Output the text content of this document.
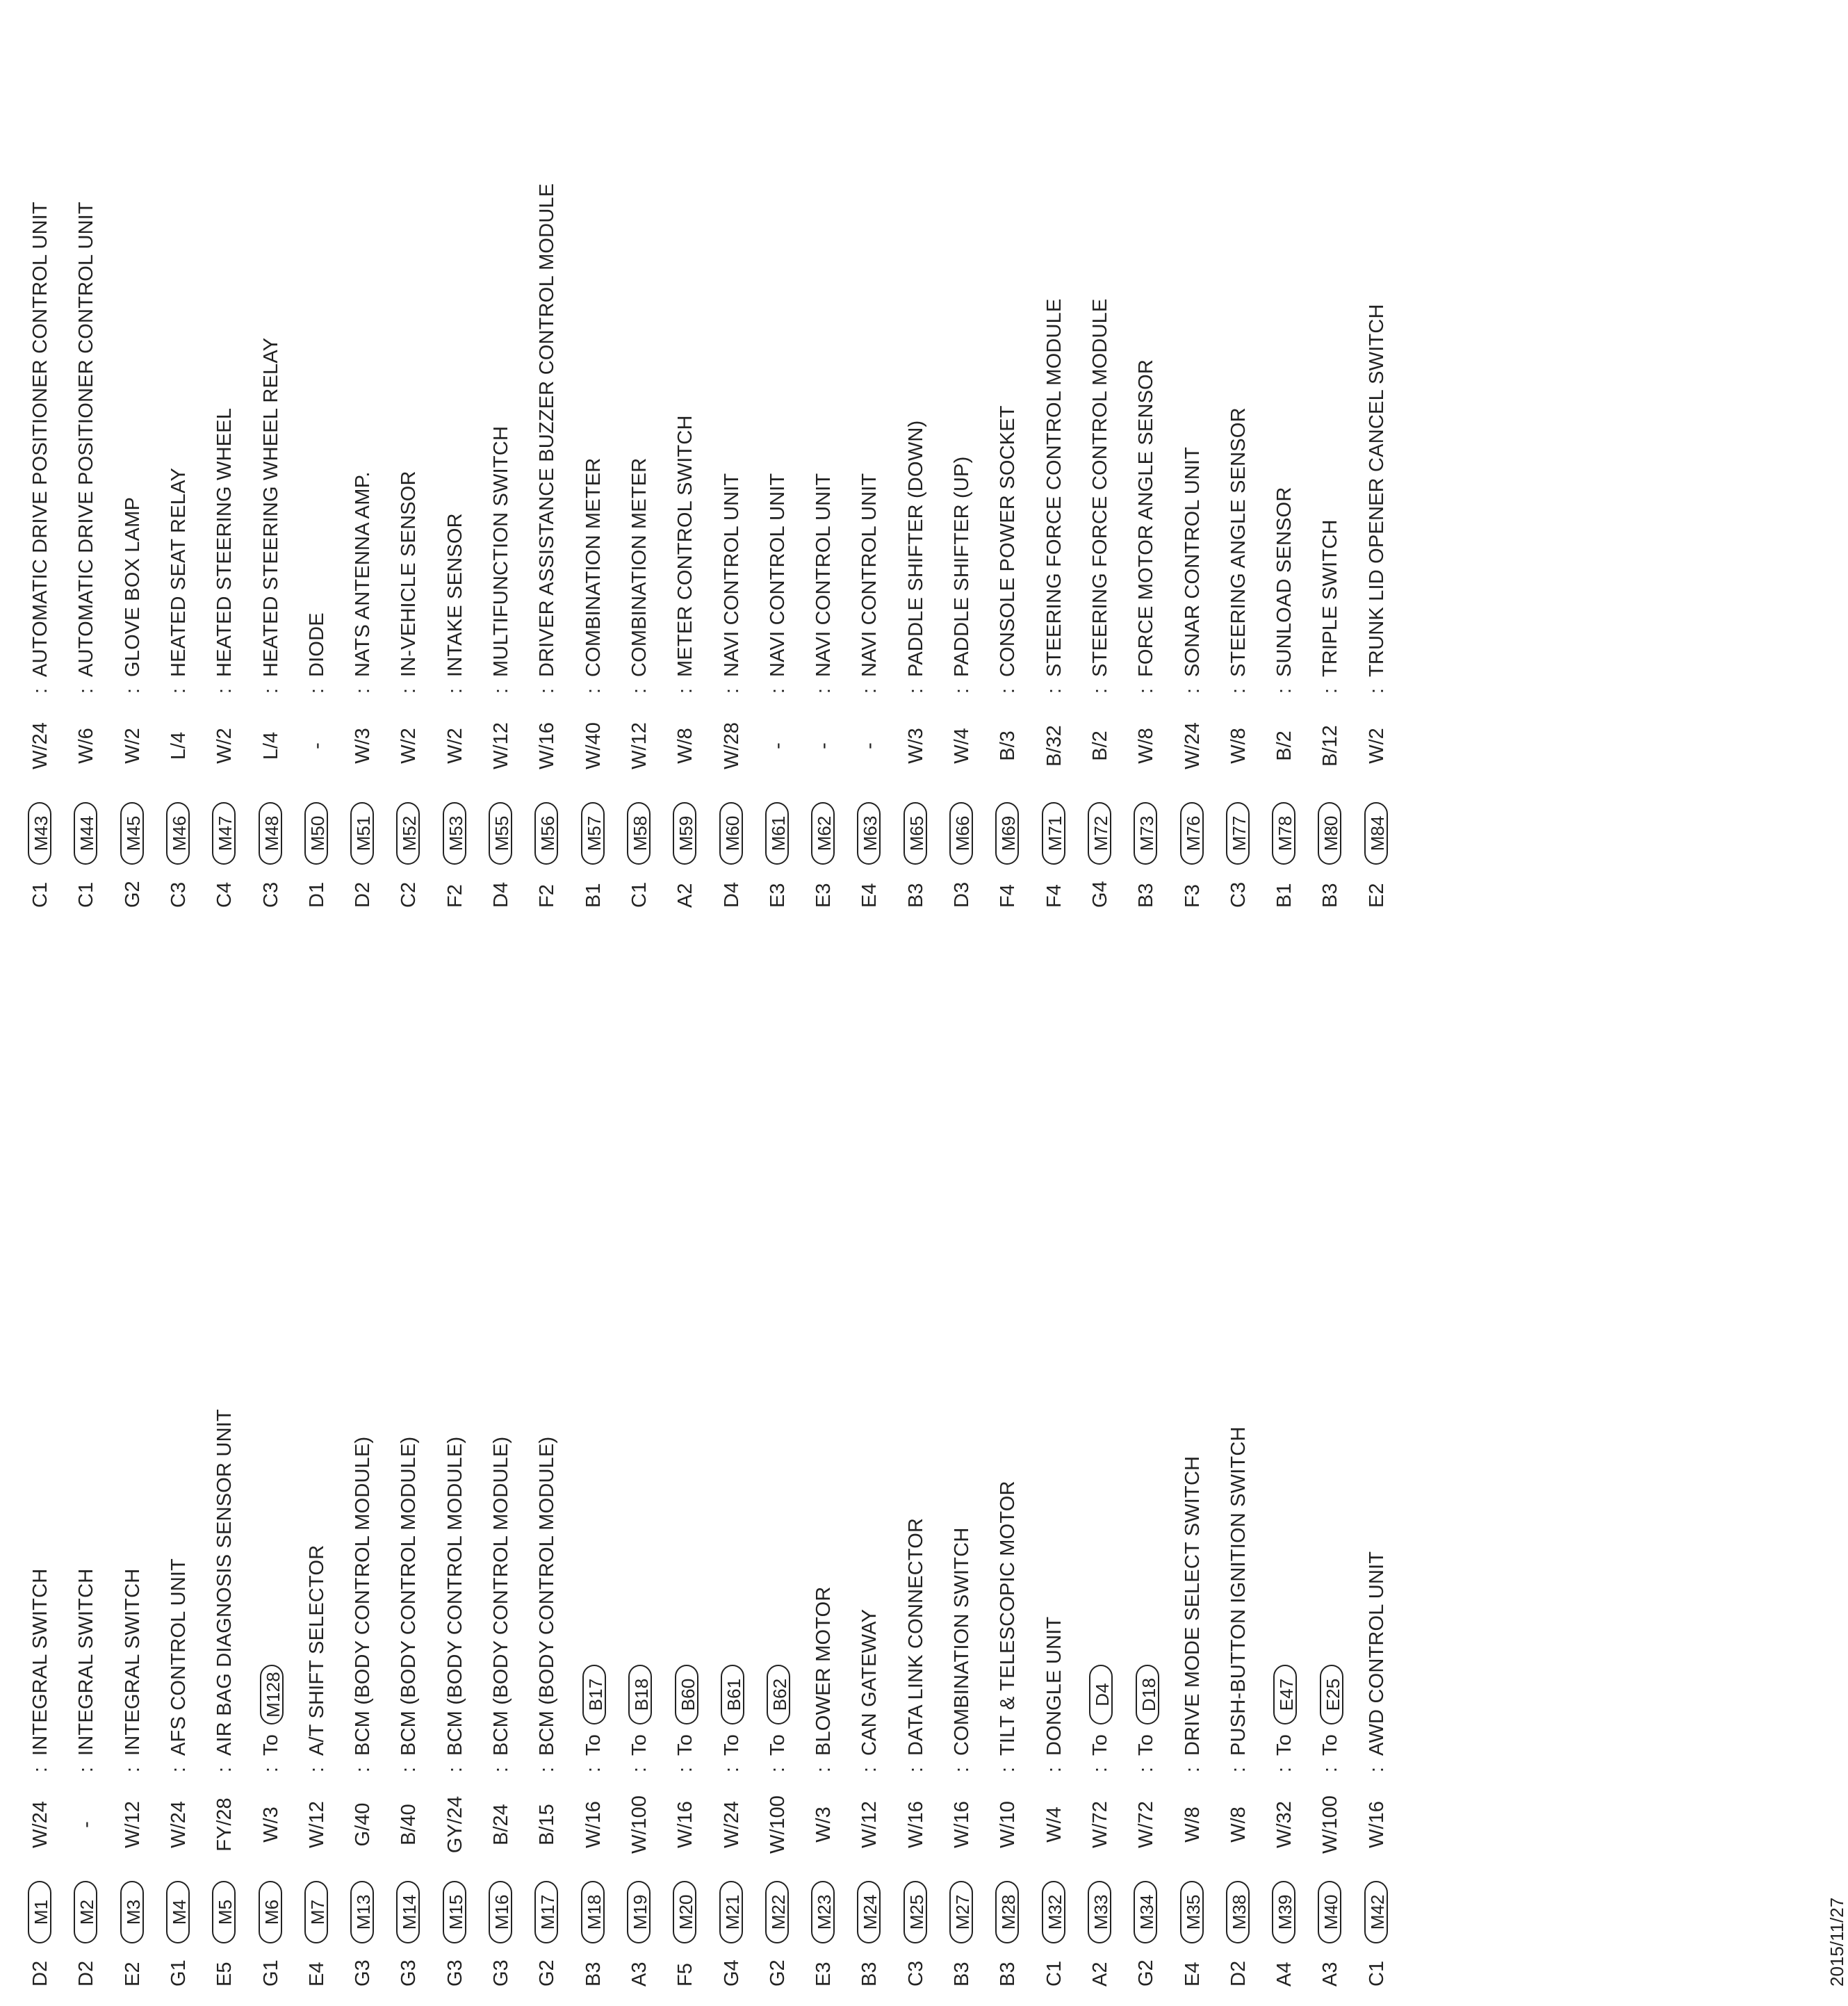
D2
M1
W/24
:
INTEGRAL SWITCH
D2
M2
-
:
INTEGRAL SWITCH
E2
M3
W/12
:
INTEGRAL SWITCH
G1
M4
W/24
:
AFS CONTROL UNIT
E5
M5
FY/28
:
AIR BAG DIAGNOSIS SENSOR UNIT
G1
M6
W/3
:
ToM128
E4
M7
W/12
:
A/T SHIFT SELECTOR
G3
M13
G/40
:
BCM (BODY CONTROL MODULE)
G3
M14
B/40
:
BCM (BODY CONTROL MODULE)
G3
M15
GY/24
:
BCM (BODY CONTROL MODULE)
G3
M16
B/24
:
BCM (BODY CONTROL MODULE)
G2
M17
B/15
:
BCM (BODY CONTROL MODULE)
B3
M18
W/16
:
ToB17
A3
M19
W/100
:
ToB18
F5
M20
W/16
:
ToB60
G4
M21
W/24
:
ToB61
G2
M22
W/100
:
ToB62
E3
M23
W/3
:
BLOWER MOTOR
B3
M24
W/12
:
CAN GATEWAY
C3
M25
W/16
:
DATA LINK CONNECTOR
B3
M27
W/16
:
COMBINATION SWITCH
B3
M28
W/10
:
TILT & TELESCOPIC MOTOR
C1
M32
W/4
:
DONGLE UNIT
A2
M33
W/72
:
ToD4
G2
M34
W/72
:
ToD18
E4
M35
W/8
:
DRIVE MODE SELECT SWITCH
D2
M38
W/8
:
PUSH-BUTTON IGNITION SWITCH
A4
M39
W/32
:
ToE47
A3
M40
W/100
:
ToE25
C1
M42
W/16
:
AWD CONTROL UNIT
C1
M43
W/24
:
AUTOMATIC DRIVE POSITIONER CONTROL UNIT
C1
M44
W/6
:
AUTOMATIC DRIVE POSITIONER CONTROL UNIT
G2
M45
W/2
:
GLOVE BOX LAMP
C3
M46
L/4
:
HEATED SEAT RELAY
C4
M47
W/2
:
HEATED STEERING WHEEL
C3
M48
L/4
:
HEATED STEERING WHEEL RELAY
D1
M50
-
:
DIODE
D2
M51
W/3
:
NATS ANTENNA AMP.
C2
M52
W/2
:
IN-VEHICLE SENSOR
F2
M53
W/2
:
INTAKE SENSOR
D4
M55
W/12
:
MULTIFUNCTION SWITCH
F2
M56
W/16
:
DRIVER ASSISTANCE BUZZER CONTROL MODULE
B1
M57
W/40
:
COMBINATION METER
C1
M58
W/12
:
COMBINATION METER
A2
M59
W/8
:
METER CONTROL SWITCH
D4
M60
W/28
:
NAVI CONTROL UNIT
E3
M61
-
:
NAVI CONTROL UNIT
E3
M62
-
:
NAVI CONTROL UNIT
E4
M63
-
:
NAVI CONTROL UNIT
B3
M65
W/3
:
PADDLE SHIFTER (DOWN)
D3
M66
W/4
:
PADDLE SHIFTER (UP)
F4
M69
B/3
:
CONSOLE POWER SOCKET
F4
M71
B/32
:
STEERING FORCE CONTROL MODULE
G4
M72
B/2
:
STEERING FORCE CONTROL MODULE
B3
M73
W/8
:
FORCE MOTOR ANGLE SENSOR
F3
M76
W/24
:
SONAR CONTROL UNIT
C3
M77
W/8
:
STEERING ANGLE SENSOR
B1
M78
B/2
:
SUNLOAD SENSOR
B3
M80
B/12
:
TRIPLE SWITCH
E2
M84
W/2
:
TRUNK LID OPENER CANCEL SWITCH
2015/11/27
